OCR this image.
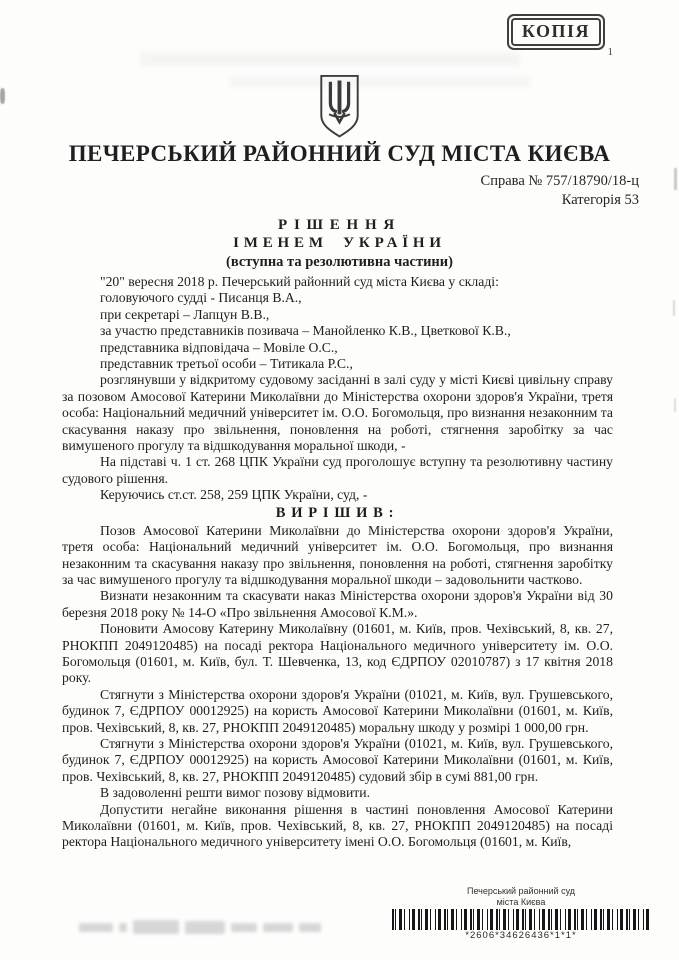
КОПІЯ
1
ПЕЧЕРСЬКИЙ РАЙОННИЙ СУД МІСТА КИЄВА
Справа № 757/18790/18-ц
Категорія 53
РІШЕННЯ
ІМЕНЕМ УКРАЇНИ
(вступна та резолютивна частини)

"20" вересня 2018 р. Печерський районний суд міста Києва у складі:

головуючого судді - Писанця В.А.,

при секретарі – Лапцун В.В.,

за участю представників позивача – Манойленко К.В., Цветкової К.В.,

представника відповідача – Мовіле О.С.,

представник третьої особи – Титикала Р.С.,

розглянувши у відкритому судовому засіданні в залі суду у місті Києві цивільну справу за позовом Амосової Катерини Миколаївни до Міністерства охорони здоров'я України, третя особа: Національний медичний університет ім. О.О. Богомольця, про визнання незаконним та скасування наказу про звільнення, поновлення на роботі, стягнення заробітку за час вимушеного прогулу та відшкодування моральної шкоди, -

На підставі ч. 1 ст. 268 ЦПК України суд проголошує вступну та резолютивну частину судового рішення.

Керуючись ст.ст. 258, 259 ЦПК України, суд, -

ВИРІШИВ:

Позов Амосової Катерини Миколаївни до Міністерства охорони здоров'я України, третя особа: Національний медичний університет ім. О.О. Богомольця, про визнання незаконним та скасування наказу про звільнення, поновлення на роботі, стягнення заробітку за час вимушеного прогулу та відшкодування моральної шкоди – задовольнити частково.

Визнати незаконним та скасувати наказ Міністерства охорони здоров'я України від 30 березня 2018 року № 14-О «Про звільнення Амосової К.М.».

Поновити Амосову Катерину Миколаївну (01601, м. Київ, пров. Чехівський, 8, кв. 27, РНОКПП 2049120485) на посаді ректора Національного медичного університету ім. О.О. Богомольця (01601, м. Київ, бул. Т. Шевченка, 13, код ЄДРПОУ 02010787) з 17 квітня 2018 року.

Стягнути з Міністерства охорони здоров'я України (01021, м. Київ, вул. Грушевського, будинок 7, ЄДРПОУ 00012925) на користь Амосової Катерини Миколаївни (01601, м. Київ, пров. Чехівський, 8, кв. 27, РНОКПП 2049120485) моральну шкоду у розмірі 1 000,00 грн.

Стягнути з Міністерства охорони здоров'я України (01021, м. Київ, вул. Грушевського, будинок 7, ЄДРПОУ 00012925) на користь Амосової Катерини Миколаївни (01601, м. Київ, пров. Чехівський, 8, кв. 27, РНОКПП 2049120485) судовий збір в сумі 881,00 грн.

В задоволенні решти вимог позову відмовити.

Допустити негайне виконання рішення в частині поновлення Амосової Катерини Миколаївни (01601, м. Київ, пров. Чехівський, 8, кв. 27, РНОКПП 2049120485) на посаді ректора Національного медичного університету імені О.О. Богомольця (01601, м. Київ,

Печерський районний суд
міста Києва
*2606*34626436*1*1*
